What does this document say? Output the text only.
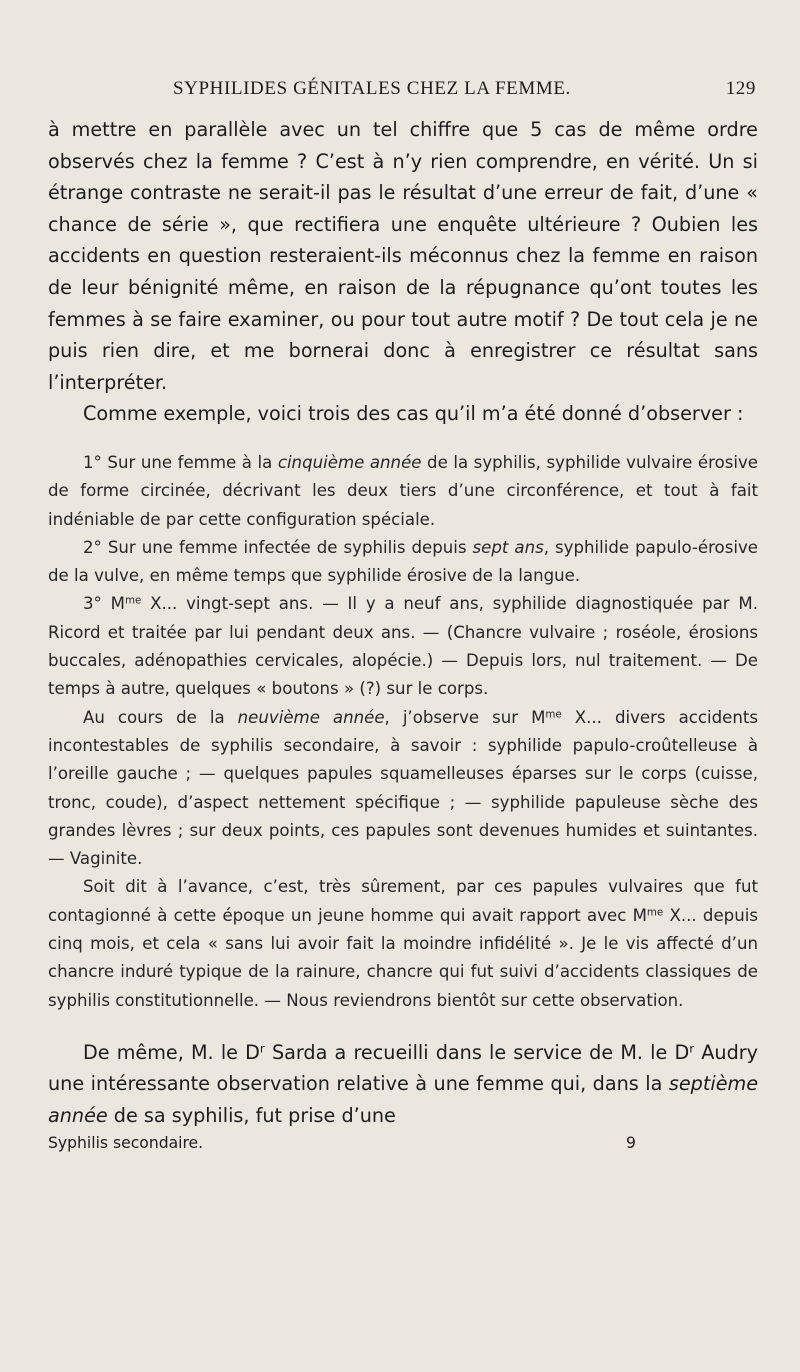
SYPHILIDES GÉNITALES CHEZ LA FEMME.	129

à mettre en parallèle avec un tel chiffre que 5 cas de même ordre observés chez la femme ? C’est à n’y rien comprendre, en vérité. Un si étrange contraste ne serait-il pas le résultat d’une erreur de fait, d’une « chance de série », que rectifiera une enquête ultérieure ? Oubien les accidents en question resteraient-ils méconnus chez la femme en raison de leur bénignité même, en raison de la répugnance qu’ont toutes les femmes à se faire examiner, ou pour tout autre motif ? De tout cela je ne puis rien dire, et me bornerai donc à enregistrer ce résultat sans l’interpréter.

Comme exemple, voici trois des cas qu’il m’a été donné d’observer :

1° Sur une femme à la cinquième année de la syphilis, syphilide vulvaire érosive de forme circinée, décrivant les deux tiers d’une circonférence, et tout à fait indéniable de par cette configuration spéciale.

2° Sur une femme infectée de syphilis depuis sept ans, syphilide papulo-érosive de la vulve, en même temps que syphilide érosive de la langue.

3° $M^{me}$ X... vingt-sept ans. — Il y a neuf ans, syphilide diagnostiquée par M. Ricord et traitée par lui pendant deux ans. — (Chancre vulvaire ; roséole, érosions buccales, adénopathies cervicales, alopécie.) — Depuis lors, nul traitement. — De temps à autre, quelques « boutons » (?) sur le corps.

Au cours de la neuvième année, j’observe sur $M^{me}$ X... divers accidents incontestables de syphilis secondaire, à savoir : syphilide papulo-croûtelleuse à l’oreille gauche ; — quelques papules squamelleuses éparses sur le corps (cuisse, tronc, coude), d’aspect nettement spécifique ; — syphilide papuleuse sèche des grandes lèvres ; sur deux points, ces papules sont devenues humides et suintantes. — Vaginite.

Soit dit à l’avance, c’est, très sûrement, par ces papules vulvaires que fut contagionné à cette époque un jeune homme qui avait rapport avec $M^{me}$ X... depuis cinq mois, et cela « sans lui avoir fait la moindre infidélité ». Je le vis affecté d’un chancre induré typique de la rainure, chancre qui fut suivi d’accidents classiques de syphilis constitutionnelle. — Nous reviendrons bientôt sur cette observation.

De même, M. le $D^r$ Sarda a recueilli dans le service de M. le $D^r$ Audry une intéressante observation relative à une femme qui, dans la septième année de sa syphilis, fut prise d’une

Syphilis secondaire.	9
